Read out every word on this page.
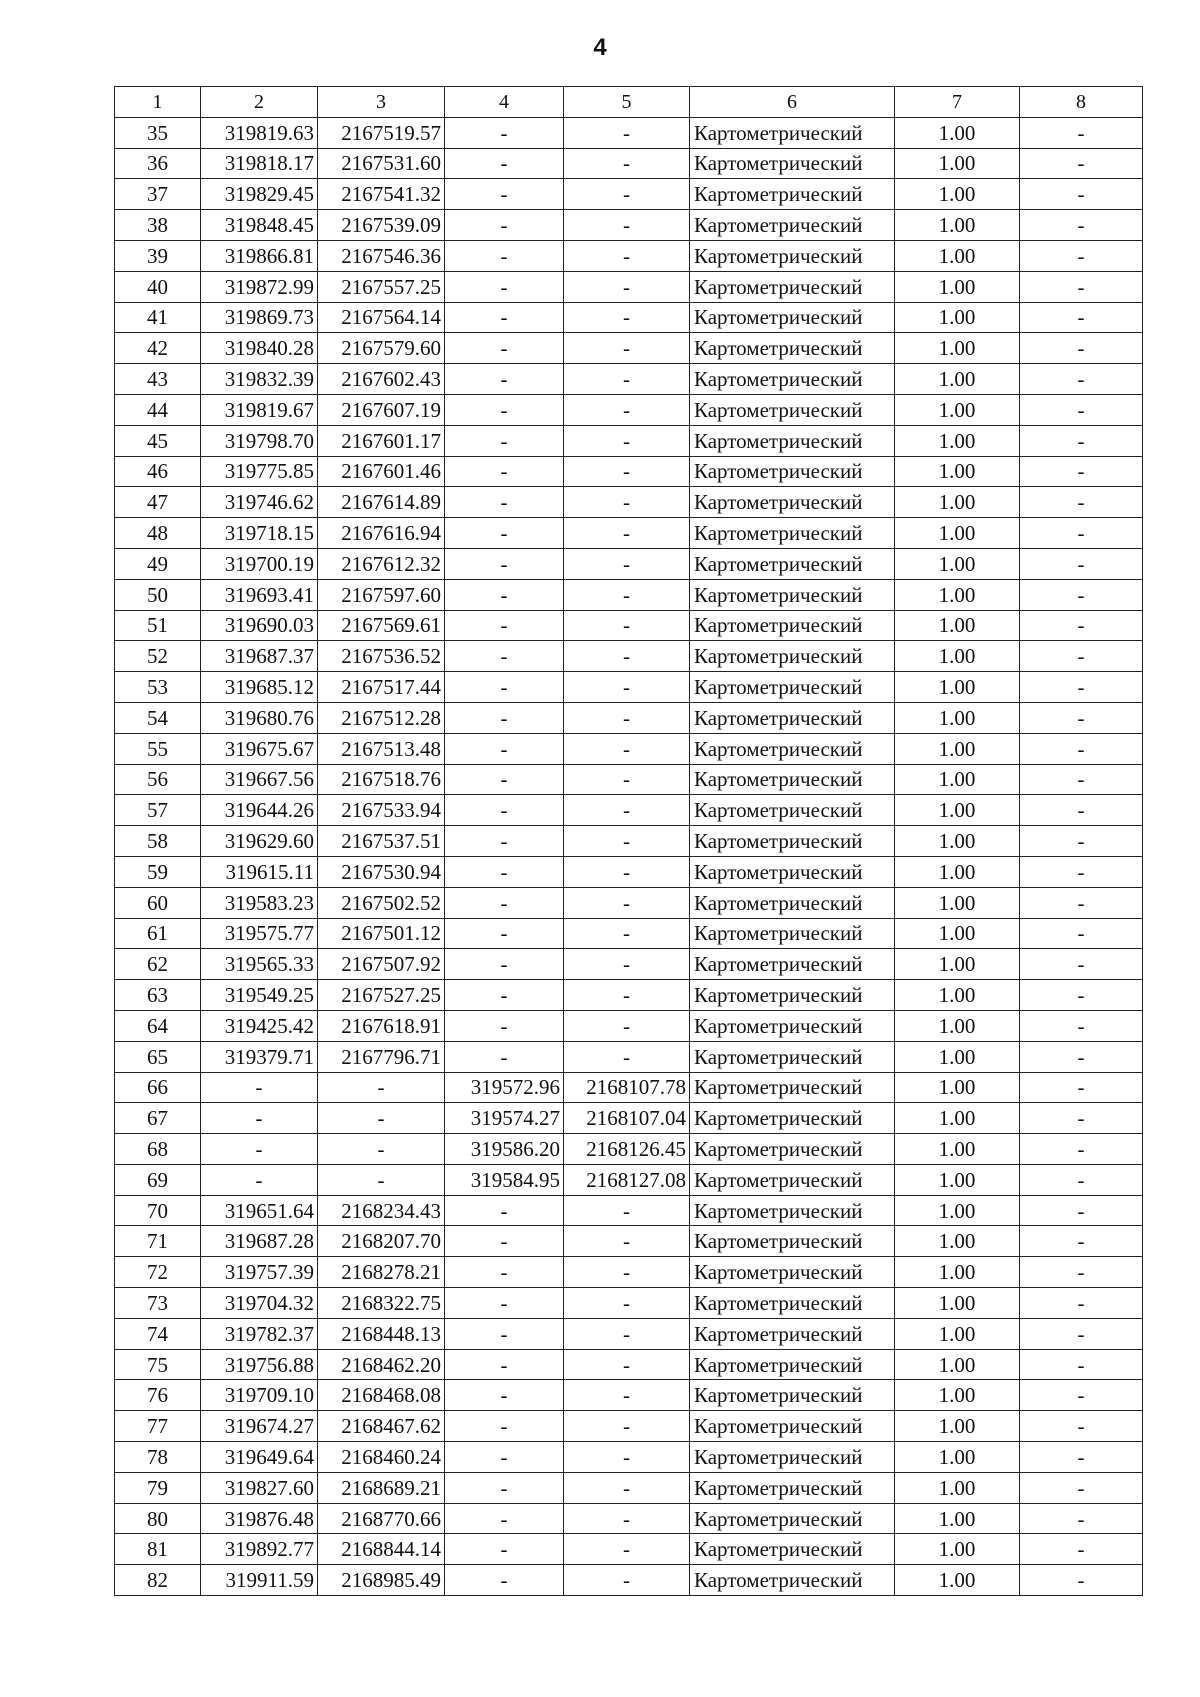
4
1	2	3	4	5	6	7	8
35	319819.63	2167519.57	-	-	Картометрический	1.00	-
36	319818.17	2167531.60	-	-	Картометрический	1.00	-
37	319829.45	2167541.32	-	-	Картометрический	1.00	-
38	319848.45	2167539.09	-	-	Картометрический	1.00	-
39	319866.81	2167546.36	-	-	Картометрический	1.00	-
40	319872.99	2167557.25	-	-	Картометрический	1.00	-
41	319869.73	2167564.14	-	-	Картометрический	1.00	-
42	319840.28	2167579.60	-	-	Картометрический	1.00	-
43	319832.39	2167602.43	-	-	Картометрический	1.00	-
44	319819.67	2167607.19	-	-	Картометрический	1.00	-
45	319798.70	2167601.17	-	-	Картометрический	1.00	-
46	319775.85	2167601.46	-	-	Картометрический	1.00	-
47	319746.62	2167614.89	-	-	Картометрический	1.00	-
48	319718.15	2167616.94	-	-	Картометрический	1.00	-
49	319700.19	2167612.32	-	-	Картометрический	1.00	-
50	319693.41	2167597.60	-	-	Картометрический	1.00	-
51	319690.03	2167569.61	-	-	Картометрический	1.00	-
52	319687.37	2167536.52	-	-	Картометрический	1.00	-
53	319685.12	2167517.44	-	-	Картометрический	1.00	-
54	319680.76	2167512.28	-	-	Картометрический	1.00	-
55	319675.67	2167513.48	-	-	Картометрический	1.00	-
56	319667.56	2167518.76	-	-	Картометрический	1.00	-
57	319644.26	2167533.94	-	-	Картометрический	1.00	-
58	319629.60	2167537.51	-	-	Картометрический	1.00	-
59	319615.11	2167530.94	-	-	Картометрический	1.00	-
60	319583.23	2167502.52	-	-	Картометрический	1.00	-
61	319575.77	2167501.12	-	-	Картометрический	1.00	-
62	319565.33	2167507.92	-	-	Картометрический	1.00	-
63	319549.25	2167527.25	-	-	Картометрический	1.00	-
64	319425.42	2167618.91	-	-	Картометрический	1.00	-
65	319379.71	2167796.71	-	-	Картометрический	1.00	-
66	-	-	319572.96	2168107.78	Картометрический	1.00	-
67	-	-	319574.27	2168107.04	Картометрический	1.00	-
68	-	-	319586.20	2168126.45	Картометрический	1.00	-
69	-	-	319584.95	2168127.08	Картометрический	1.00	-
70	319651.64	2168234.43	-	-	Картометрический	1.00	-
71	319687.28	2168207.70	-	-	Картометрический	1.00	-
72	319757.39	2168278.21	-	-	Картометрический	1.00	-
73	319704.32	2168322.75	-	-	Картометрический	1.00	-
74	319782.37	2168448.13	-	-	Картометрический	1.00	-
75	319756.88	2168462.20	-	-	Картометрический	1.00	-
76	319709.10	2168468.08	-	-	Картометрический	1.00	-
77	319674.27	2168467.62	-	-	Картометрический	1.00	-
78	319649.64	2168460.24	-	-	Картометрический	1.00	-
79	319827.60	2168689.21	-	-	Картометрический	1.00	-
80	319876.48	2168770.66	-	-	Картометрический	1.00	-
81	319892.77	2168844.14	-	-	Картометрический	1.00	-
82	319911.59	2168985.49	-	-	Картометрический	1.00	-
